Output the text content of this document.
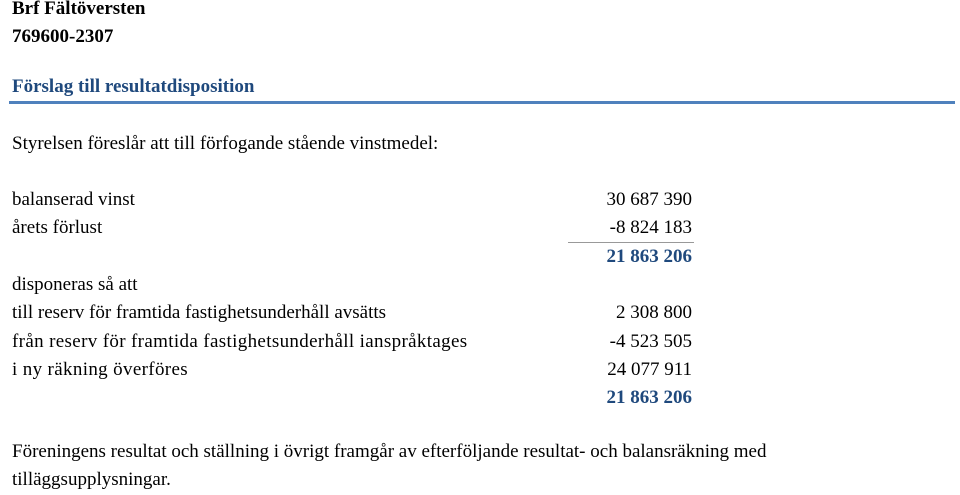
Brf Fältöversten
769600-2307
Förslag till resultatdisposition
Styrelsen föreslår att till förfogande stående vinstmedel:
balanserad vinst	30 687 390
årets förlust	-8 824 183
21 863 206
disponeras så att
till reserv för framtida fastighetsunderhåll avsätts	2 308 800
från reserv för framtida fastighetsunderhåll ianspråktages	-4 523 505
i ny räkning överföres	24 077 911
21 863 206
Föreningens resultat och ställning i övrigt framgår av efterföljande resultat- och balansräkning med
tilläggsupplysningar.
